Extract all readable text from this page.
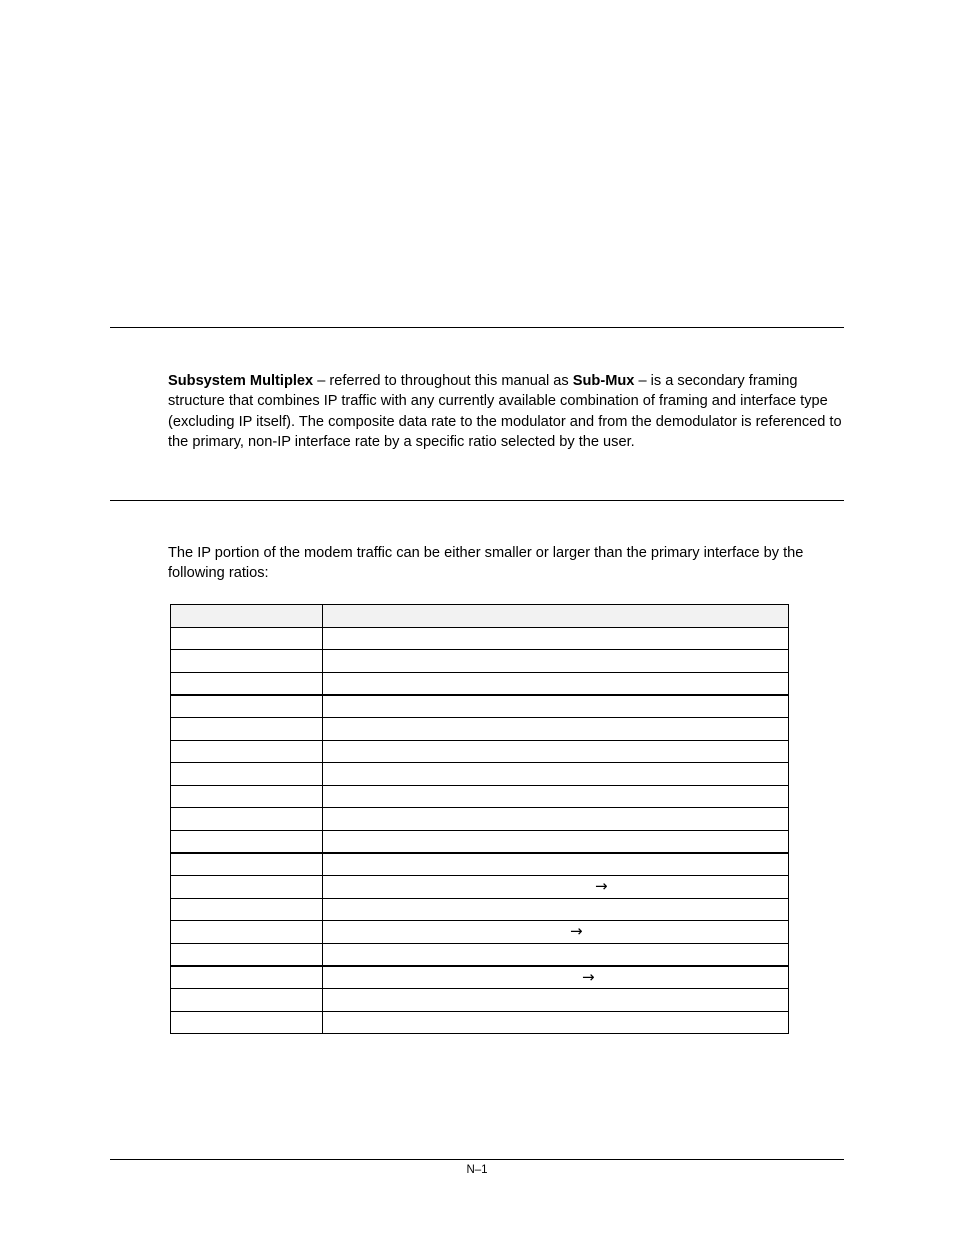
Subsystem Multiplex – referred to throughout this manual as Sub-Mux – is a secondary framing structure that combines IP traffic with any currently available combination of framing and interface type (excluding IP itself). The composite data rate to the modulator and from the demodulator is referenced to the primary, non-IP interface rate by a specific ratio selected by the user.

The IP portion of the modem traffic can be either smaller or larger than the primary interface by the following ratios:

	→

	→

	→

N–1
